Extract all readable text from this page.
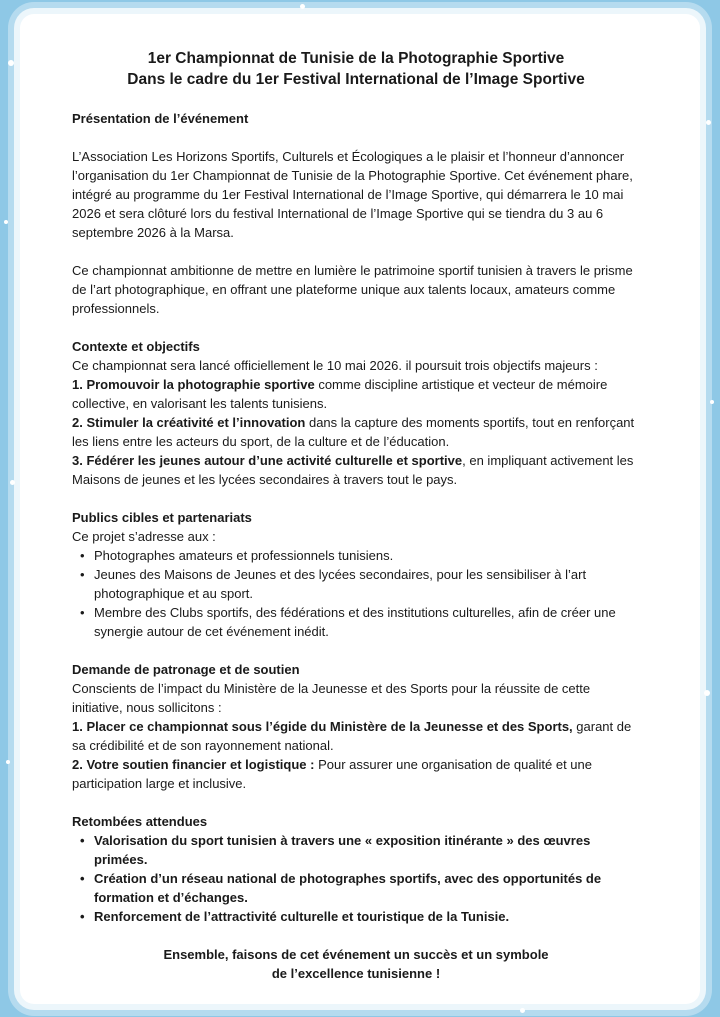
1er Championnat de Tunisie de la Photographie Sportive

Dans le cadre du 1er Festival International de l’Image Sportive

Présentation de l’événement

L’Association Les Horizons Sportifs, Culturels et Écologiques a le plaisir et l’honneur d’annoncer l’organisation du 1er Championnat de Tunisie de la Photographie Sportive. Cet événement phare, intégré au programme du 1er Festival International de l’Image Sportive, qui démarrera le 10 mai 2026 et sera clôturé lors du festival International de l’Image Sportive qui se tiendra du 3 au 6 septembre 2026 à la Marsa.

Ce championnat ambitionne de mettre en lumière le patrimoine sportif tunisien à travers le prisme de l’art photographique, en offrant une plateforme unique aux talents locaux, amateurs comme professionnels.

Contexte et objectifs

Ce championnat sera lancé officiellement le 10 mai 2026. il poursuit trois objectifs majeurs :

1. Promouvoir la photographie sportive comme discipline artistique et vecteur de mémoire collective, en valorisant les talents tunisiens.

2. Stimuler la créativité et l’innovation dans la capture des moments sportifs, tout en renforçant les liens entre les acteurs du sport, de la culture et de l’éducation.

3. Fédérer les jeunes autour d’une activité culturelle et sportive, en impliquant activement les Maisons de jeunes et les lycées secondaires à travers tout le pays.

Publics cibles et partenariats

Ce projet s’adresse aux :

• Photographes amateurs et professionnels tunisiens.
• Jeunes des Maisons de Jeunes et des lycées secondaires, pour les sensibiliser à l’art photographique et au sport.
• Membre des Clubs sportifs, des fédérations et des institutions culturelles, afin de créer une synergie autour de cet événement inédit.

Demande de patronage et de soutien

Conscients de l’impact du Ministère de la Jeunesse et des Sports pour la réussite de cette initiative, nous sollicitons :

1. Placer ce championnat sous l’égide du Ministère de la Jeunesse et des Sports, garant de sa crédibilité et de son rayonnement national.

2. Votre soutien financier et logistique : Pour assurer une organisation de qualité et une participation large et inclusive.

Retombées attendues

• Valorisation du sport tunisien à travers une « exposition itinérante » des œuvres primées.
• Création d’un réseau national de photographes sportifs, avec des opportunités de formation et d’échanges.
• Renforcement de l’attractivité culturelle et touristique de la Tunisie.

Ensemble, faisons de cet événement un succès et un symbole

de l’excellence tunisienne !
